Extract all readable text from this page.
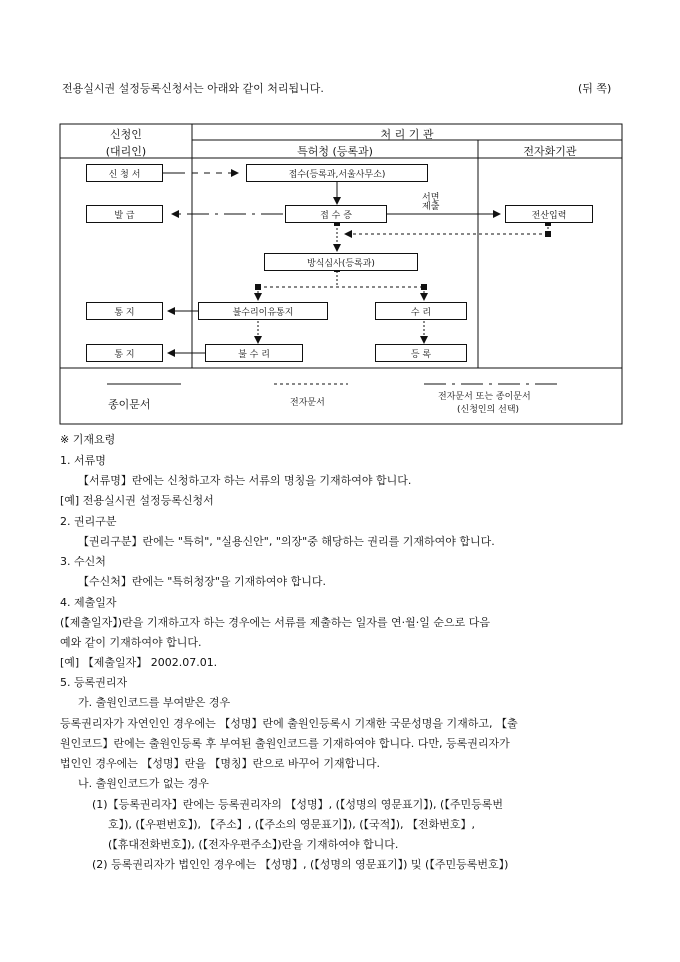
전용실시권 설정등록신청서는 아래와 같이 처리됩니다.	(뒤 쪽)
신청인
(대리인)
처 리 기 관
특허청 (등록과)	전자화기관
신 청 서
발 급
통 지
통 지
접수(등록과,서울사무소)
접 수 증
방식심사(등록과)
불수리이유통지	수 리
불 수 리	등 록
전산입력
서면
제출
종이문서	전자문서
전자문서 또는 종이문서
(신청인의 선택)
※ 기재요령
1. 서류명
【서류명】란에는 신청하고자 하는 서류의 명칭을 기재하여야 합니다.
[예] 전용실시권 설정등록신청서
2. 권리구분
【권리구분】란에는 "특허", "실용신안", "의장"중 해당하는 권리를 기재하여야 합니다.
3. 수신처
【수신처】란에는 "특허청장"을 기재하여야 합니다.
4. 제출일자
(【제출일자】)란을 기재하고자 하는 경우에는 서류를 제출하는 일자를 연·월·일 순으로 다음
예와 같이 기재하여야 합니다.
[예] 【제출일자】 2002.07.01.
5. 등록권리자
가. 출원인코드를 부여받은 경우
등록권리자가 자연인인 경우에는 【성명】란에 출원인등록시 기재한 국문성명을 기재하고, 【출
원인코드】란에는 출원인등록 후 부여된 출원인코드를 기재하여야 합니다. 다만, 등록권리자가
법인인 경우에는 【성명】란을 【명칭】란으로 바꾸어 기재합니다.
나. 출원인코드가 없는 경우
(1)【등록권리자】란에는 등록권리자의 【성명】, (【성명의 영문표기】), (【주민등록번
호】), (【우편번호】), 【주소】, (【주소의 영문표기】), (【국적】), 【전화번호】,
(【휴대전화번호】), (【전자우편주소】)란을 기재하여야 합니다.
(2) 등록권리자가 법인인 경우에는 【성명】, (【성명의 영문표기】) 및 (【주민등록번호】)
